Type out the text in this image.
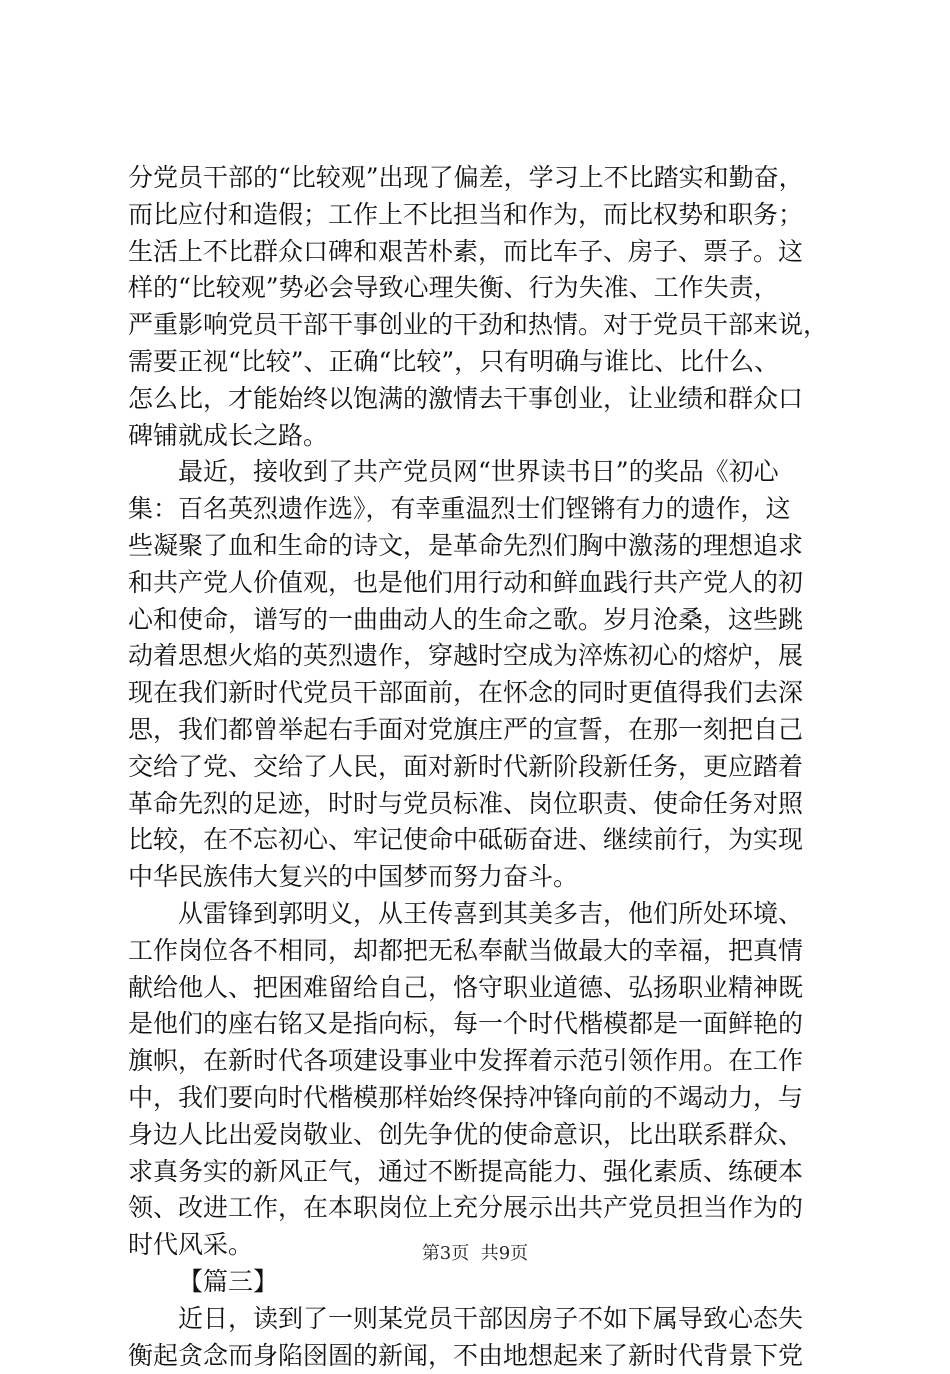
分党员干部的“比较观”出现了偏差，学习上不比踏实和勤奋，
而比应付和造假；工作上不比担当和作为，而比权势和职务；
生活上不比群众口碑和艰苦朴素，而比车子、房子、票子。这
样的“比较观”势必会导致心理失衡、行为失准、工作失责，
严重影响党员干部干事创业的干劲和热情。对于党员干部来说，
需要正视“比较”、正确“比较”，只有明确与谁比、比什么、
怎么比，才能始终以饱满的激情去干事创业，让业绩和群众口
碑铺就成长之路。
最近，接收到了共产党员网“世界读书日”的奖品《初心
集：百名英烈遗作选》，有幸重温烈士们铿锵有力的遗作，这
些凝聚了血和生命的诗文，是革命先烈们胸中激荡的理想追求
和共产党人价值观，也是他们用行动和鲜血践行共产党人的初
心和使命，谱写的一曲曲动人的生命之歌。岁月沧桑，这些跳
动着思想火焰的英烈遗作，穿越时空成为淬炼初心的熔炉，展
现在我们新时代党员干部面前，在怀念的同时更值得我们去深
思，我们都曾举起右手面对党旗庄严的宣誓，在那一刻把自己
交给了党、交给了人民，面对新时代新阶段新任务，更应踏着
革命先烈的足迹，时时与党员标准、岗位职责、使命任务对照
比较，在不忘初心、牢记使命中砥砺奋进、继续前行，为实现
中华民族伟大复兴的中国梦而努力奋斗。
从雷锋到郭明义，从王传喜到其美多吉，他们所处环境、
工作岗位各不相同，却都把无私奉献当做最大的幸福，把真情
献给他人、把困难留给自己，恪守职业道德、弘扬职业精神既
是他们的座右铭又是指向标，每一个时代楷模都是一面鲜艳的
旗帜，在新时代各项建设事业中发挥着示范引领作用。在工作
中，我们要向时代楷模那样始终保持冲锋向前的不竭动力，与
身边人比出爱岗敬业、创先争优的使命意识，比出联系群众、
求真务实的新风正气，通过不断提高能力、强化素质、练硬本
领、改进工作，在本职岗位上充分展示出共产党员担当作为的
时代风采。
【篇三】
近日，读到了一则某党员干部因房子不如下属导致心态失
衡起贪念而身陷囹圄的新闻，不由地想起来了新时代背景下党
第3页  共9页
